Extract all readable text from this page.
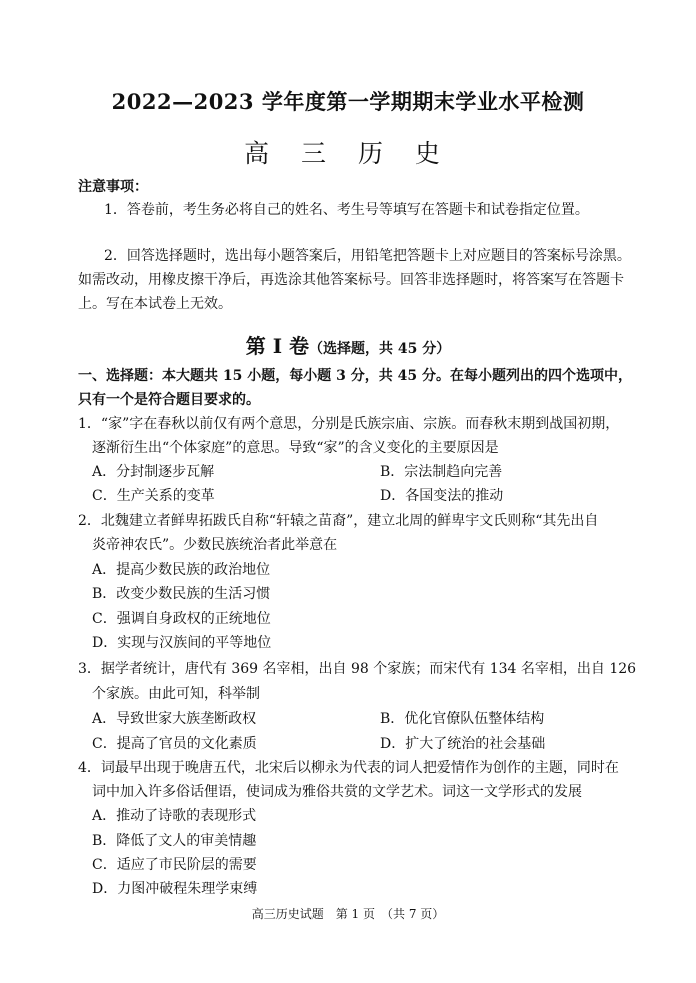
2022—2023 学年度第一学期期末学业水平检测
高 三 历 史
注意事项：
1．答卷前，考生务必将自己的姓名、考生号等填写在答题卡和试卷指定位置。
2．回答选择题时，选出每小题答案后，用铅笔把答题卡上对应题目的答案标号涂黑。
如需改动，用橡皮擦干净后，再选涂其他答案标号。回答非选择题时，将答案写在答题卡
上。写在本试卷上无效。
第 Ⅰ 卷（选择题，共 45 分）
一、选择题：本大题共 15 小题，每小题 3 分，共 45 分。在每小题列出的四个选项中，
只有一个是符合题目要求的。
1．“家”字在春秋以前仅有两个意思，分别是氏族宗庙、宗族。而春秋末期到战国初期，
逐渐衍生出“个体家庭”的意思。导致“家”的含义变化的主要原因是
A．分封制逐步瓦解	B．宗法制趋向完善
C．生产关系的变革	D．各国变法的推动
2．北魏建立者鲜卑拓跋氏自称“轩辕之苗裔”，建立北周的鲜卑宇文氏则称“其先出自
炎帝神农氏”。少数民族统治者此举意在
A．提高少数民族的政治地位
B．改变少数民族的生活习惯
C．强调自身政权的正统地位
D．实现与汉族间的平等地位
3．据学者统计，唐代有 369 名宰相，出自 98 个家族；而宋代有 134 名宰相，出自 126
个家族。由此可知，科举制
A．导致世家大族垄断政权	B．优化官僚队伍整体结构
C．提高了官员的文化素质	D．扩大了统治的社会基础
4．词最早出现于晚唐五代，北宋后以柳永为代表的词人把爱情作为创作的主题，同时在
词中加入许多俗话俚语，使词成为雅俗共赏的文学艺术。词这一文学形式的发展
A．推动了诗歌的表现形式
B．降低了文人的审美情趣
C．适应了市民阶层的需要
D．力图冲破程朱理学束缚
高三历史试题　第 1 页　（共 7 页）
